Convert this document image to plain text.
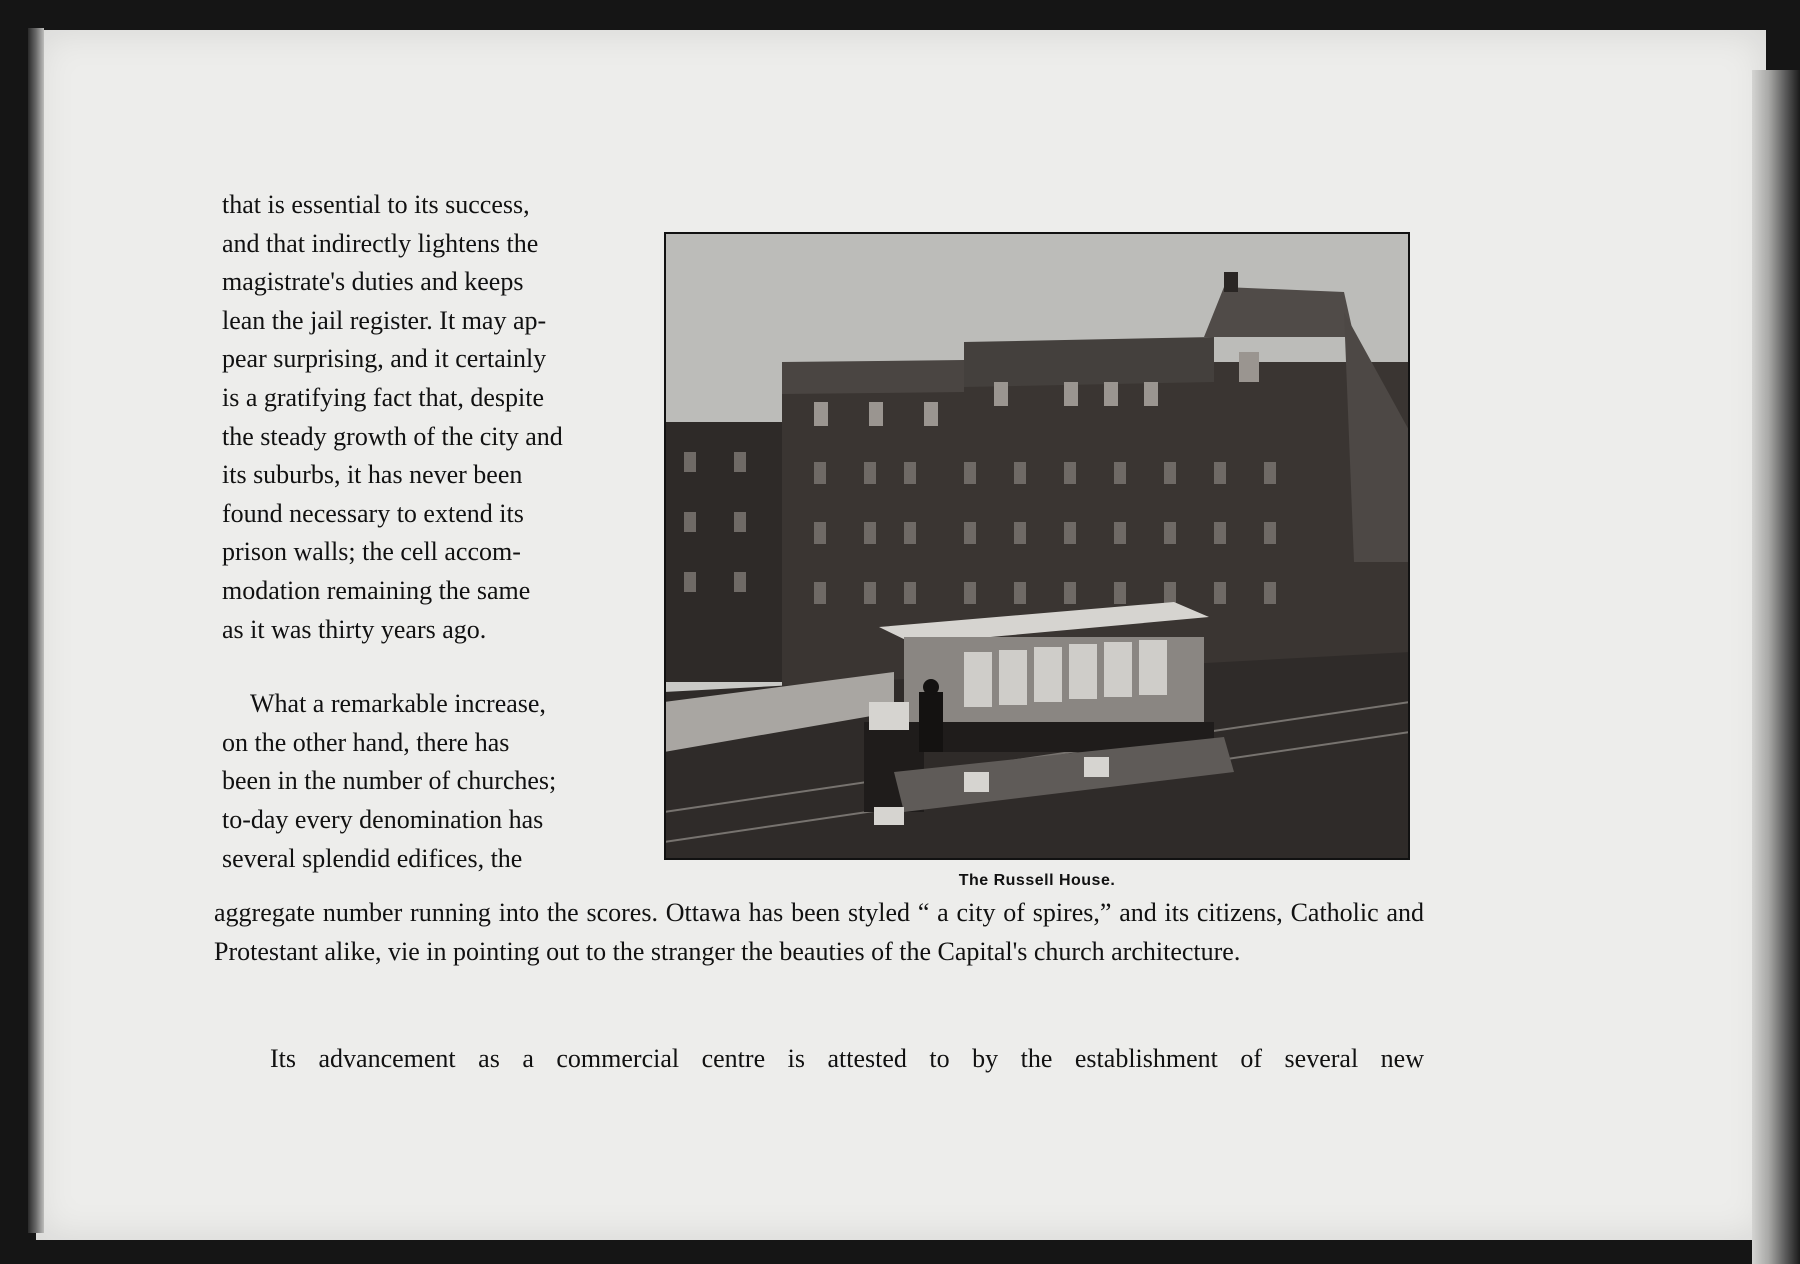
that is essential to its success,
and that indirectly lightens the
magistrate's duties and keeps
lean the jail register. It may ap-
pear surprising, and it certainly
is a gratifying fact that, despite
the steady growth of the city and
its suburbs, it has never been
found necessary to extend its
prison walls; the cell accom-
modation remaining the same
as it was thirty years ago.

What a remarkable increase,
on the other hand, there has
been in the number of churches;
to-day every denomination has
several splendid edifices, the

The Russell House.

aggregate number running into the scores. Ottawa has been styled “ a city of spires,” and its citizens, Catholic and Protestant alike, vie in pointing out to the stranger the beauties of the Capital's church architecture.

Its advancement as a commercial centre is attested to by the establishment of several new
